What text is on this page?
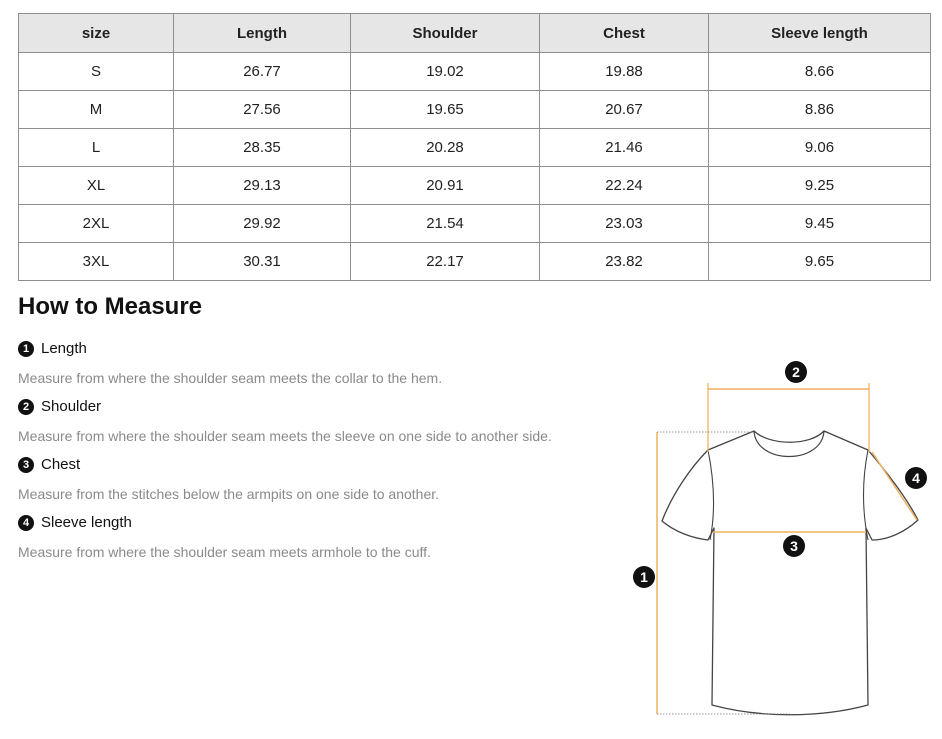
size	Length	Shoulder	Chest	Sleeve length
S	26.77	19.02	19.88	8.66
M	27.56	19.65	20.67	8.86
L	28.35	20.28	21.46	9.06
XL	29.13	20.91	22.24	9.25
2XL	29.92	21.54	23.03	9.45
3XL	30.31	22.17	23.82	9.65
How to Measure
1 Length
Measure from where the shoulder seam meets the collar to the hem.
2 Shoulder
Measure from where the shoulder seam meets the sleeve on one side to another side.
3 Chest
Measure from the stitches below the armpits on one side to another.
4 Sleeve length
Measure from where the shoulder seam meets armhole to the cuff.
1
2
3
4
